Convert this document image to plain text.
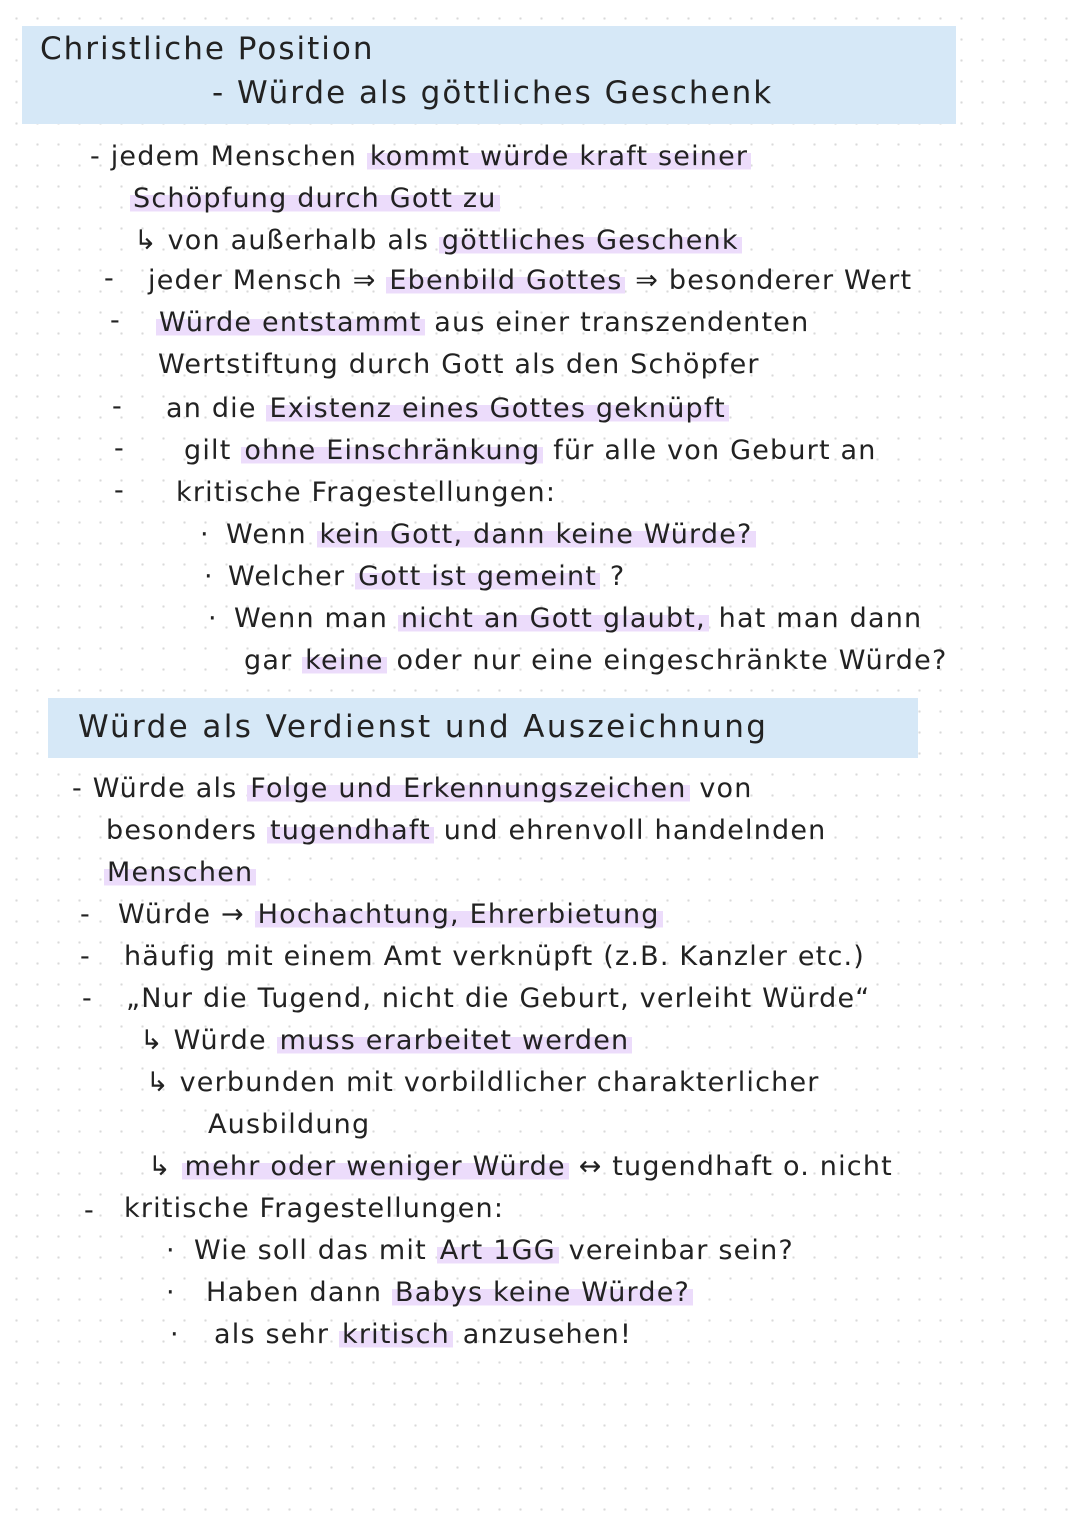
Christliche Position
- Würde als göttliches Geschenk
-
-
-
-
-
·
·
·
- jedem Menschen kommt würde kraft seiner
Schöpfung durch Gott zu
↳ von außerhalb als göttliches Geschenk
jeder Mensch ⇒ Ebenbild Gottes ⇒ besonderer Wert
Würde entstammt aus einer transzendenten
Wertstiftung durch Gott als den Schöpfer
an die Existenz eines Gottes geknüpft
gilt ohne Einschränkung für alle von Geburt an
kritische Fragestellungen:
Wenn kein Gott, dann keine Würde?
Welcher Gott ist gemeint ?
Wenn man nicht an Gott glaubt, hat man dann
gar keine oder nur eine eingeschränkte Würde?
Würde als Verdienst und Auszeichnung
-
-
-
-
·
·
·
- Würde als Folge und Erkennungszeichen von
besonders tugendhaft und ehrenvoll handelnden
Menschen
Würde → Hochachtung, Ehrerbietung
häufig mit einem Amt verknüpft (z.B. Kanzler etc.)
„Nur die Tugend, nicht die Geburt, verleiht Würde“
↳ Würde muss erarbeitet werden
↳ verbunden mit vorbildlicher charakterlicher
Ausbildung
↳ mehr oder weniger Würde ↔ tugendhaft o. nicht
kritische Fragestellungen:
Wie soll das mit Art 1GG vereinbar sein?
Haben dann Babys keine Würde?
als sehr kritisch anzusehen!
